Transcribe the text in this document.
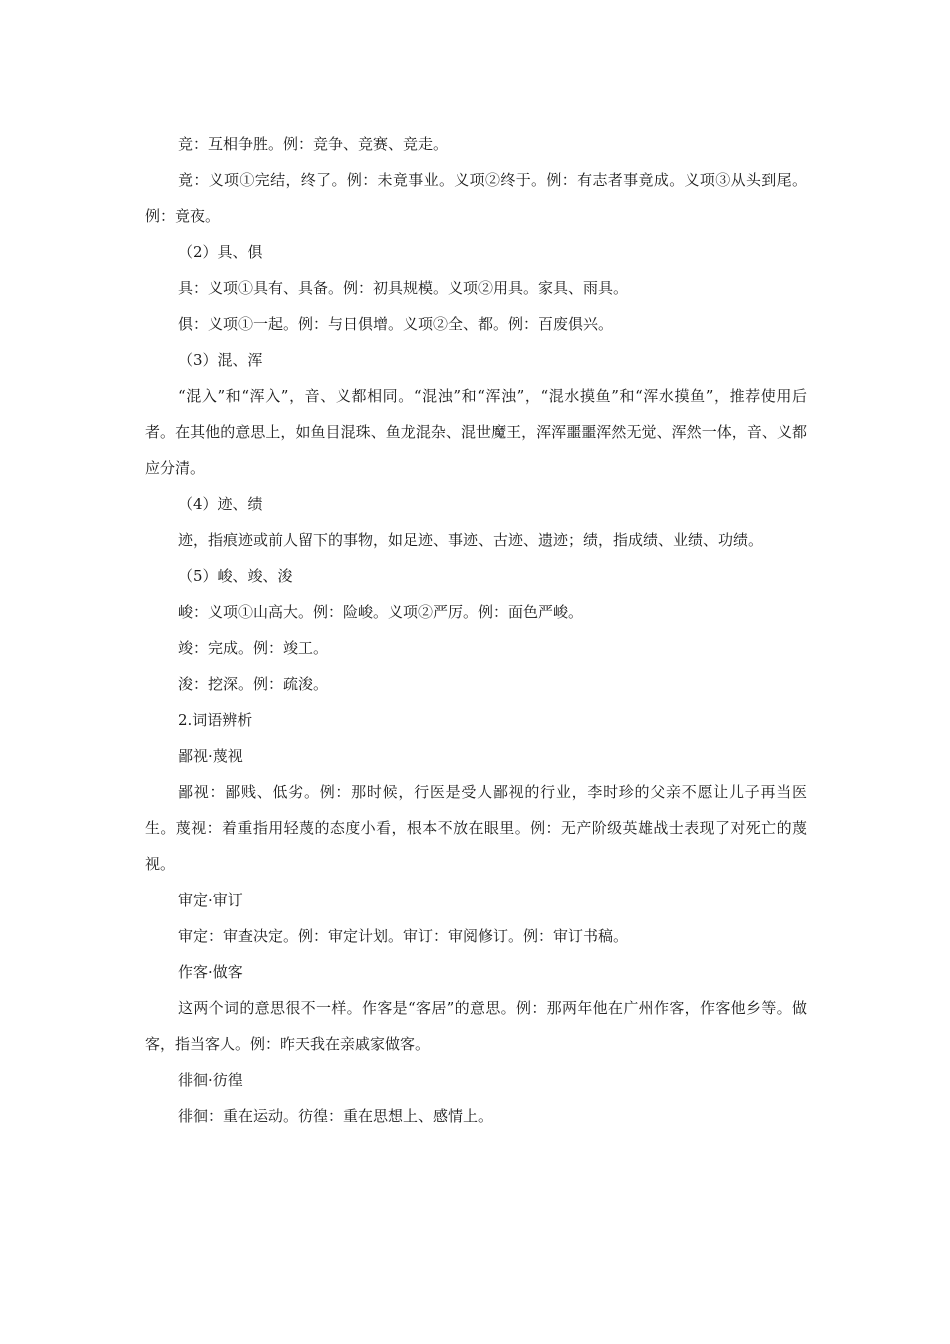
竞：互相争胜。例：竞争、竞赛、竞走。

竟：义项①完结，终了。例：未竟事业。义项②终于。例：有志者事竟成。义项③从头到尾。例：竟夜。

（2）具、俱

具：义项①具有、具备。例：初具规模。义项②用具。家具、雨具。

俱：义项①一起。例：与日俱增。义项②全、都。例：百废俱兴。

（3）混、浑

“混入”和“浑入”，音、义都相同。“混浊”和“浑浊”，“混水摸鱼”和“浑水摸鱼”，推荐使用后者。在其他的意思上，如鱼目混珠、鱼龙混杂、混世魔王，浑浑噩噩浑然无觉、浑然一体，音、义都应分清。

（4）迹、绩

迹，指痕迹或前人留下的事物，如足迹、事迹、古迹、遗迹；绩，指成绩、业绩、功绩。

（5）峻、竣、浚

峻：义项①山高大。例：险峻。义项②严厉。例：面色严峻。

竣：完成。例：竣工。

浚：挖深。例：疏浚。

2.词语辨析

鄙视·蔑视

鄙视：鄙贱、低劣。例：那时候，行医是受人鄙视的行业，李时珍的父亲不愿让儿子再当医生。蔑视：着重指用轻蔑的态度小看，根本不放在眼里。例：无产阶级英雄战士表现了对死亡的蔑视。

审定·审订

审定：审查决定。例：审定计划。审订：审阅修订。例：审订书稿。

作客·做客

这两个词的意思很不一样。作客是“客居”的意思。例：那两年他在广州作客，作客他乡等。做客，指当客人。例：昨天我在亲戚家做客。

徘徊·彷徨

徘徊：重在运动。彷徨：重在思想上、感情上。
